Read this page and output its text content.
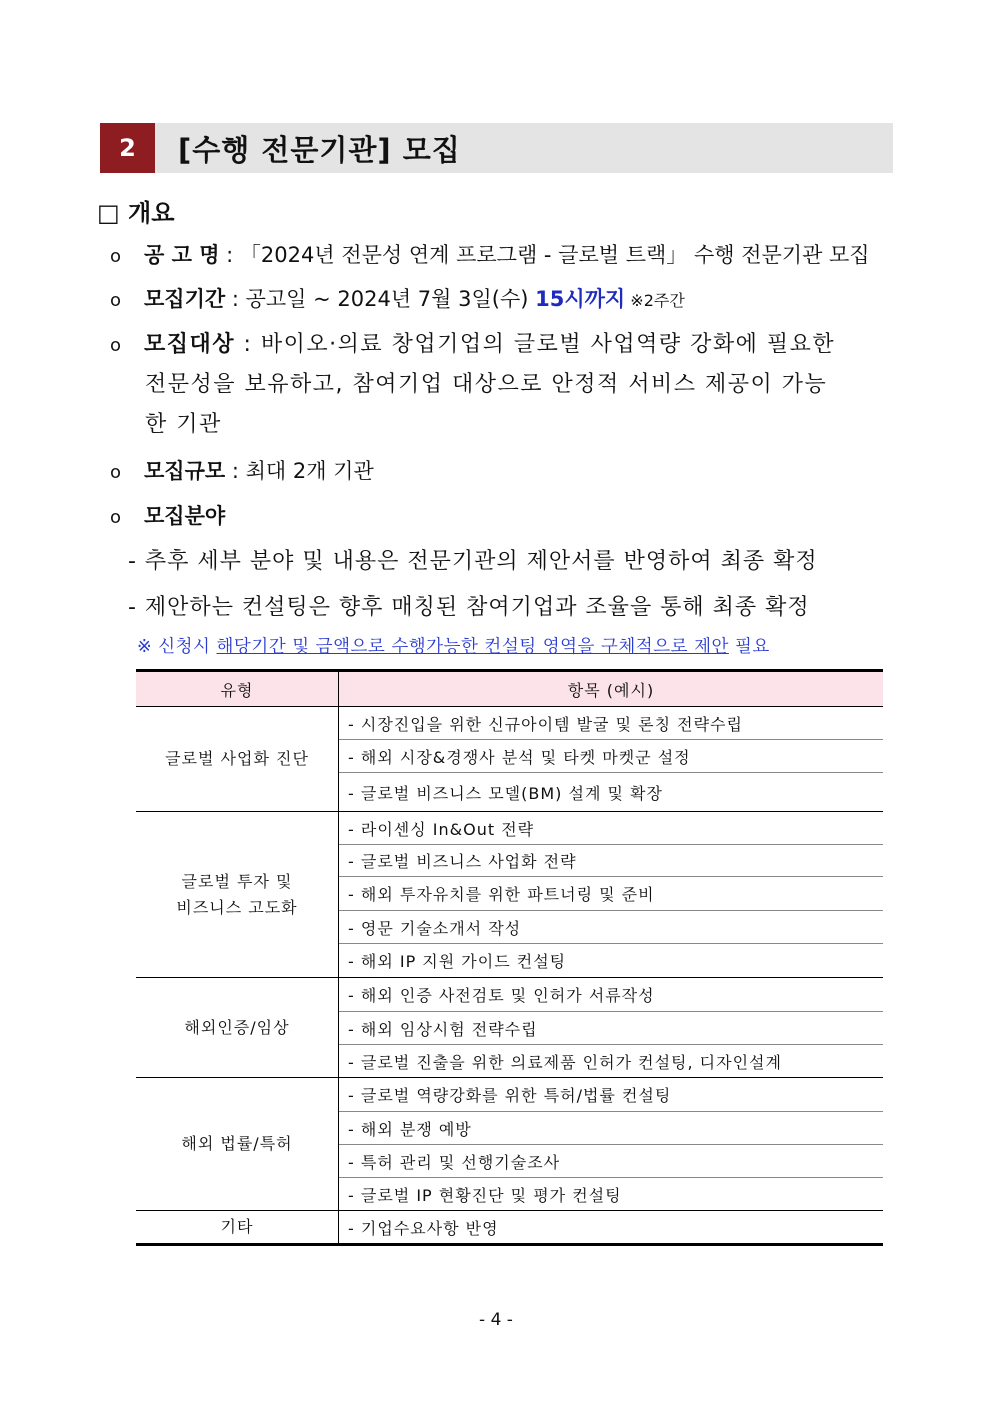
2	[수행 전문기관] 모집
□ 개요
ο 공 고 명 : 「2024년 전문성 연계 프로그램 - 글로벌 트랙」 수행 전문기관 모집
ο 모집기간 : 공고일 ~ 2024년 7월 3일(수) 15시까지 ※2주간
ο 모집대상 : 바이오·의료 창업기업의 글로벌 사업역량 강화에 필요한
전문성을 보유하고, 참여기업 대상으로 안정적 서비스 제공이 가능
한 기관
ο 모집규모 : 최대 2개 기관
ο 모집분야
- 추후 세부 분야 및 내용은 전문기관의 제안서를 반영하여 최종 확정
- 제안하는 컨설팅은 향후 매칭된 참여기업과 조율을 통해 최종 확정
※ 신청시 해당기간 및 금액으로 수행가능한 컨설팅 영역을 구체적으로 제안 필요
유형	항목 (예시)
글로벌 사업화 진단	- 시장진입을 위한 신규아이템 발굴 및 론칭 전략수립
	- 해외 시장&경쟁사 분석 및 타켓 마켓군 설정
	- 글로벌 비즈니스 모델(BM) 설계 및 확장
글로벌 투자 및
비즈니스 고도화	- 라이센싱 In&Out 전략
	- 글로벌 비즈니스 사업화 전략
	- 해외 투자유치를 위한 파트너링 및 준비
	- 영문 기술소개서 작성
	- 해외 IP 지원 가이드 컨설팅
해외인증/임상	- 해외 인증 사전검토 및 인허가 서류작성
	- 해외 임상시험 전략수립
	- 글로벌 진출을 위한 의료제품 인허가 컨설팅, 디자인설계
해외 법률/특허	- 글로벌 역량강화를 위한 특허/법률 컨설팅
	- 해외 분쟁 예방
	- 특허 관리 및 선행기술조사
	- 글로벌 IP 현황진단 및 평가 컨설팅
기타	- 기업수요사항 반영
- 4 -
